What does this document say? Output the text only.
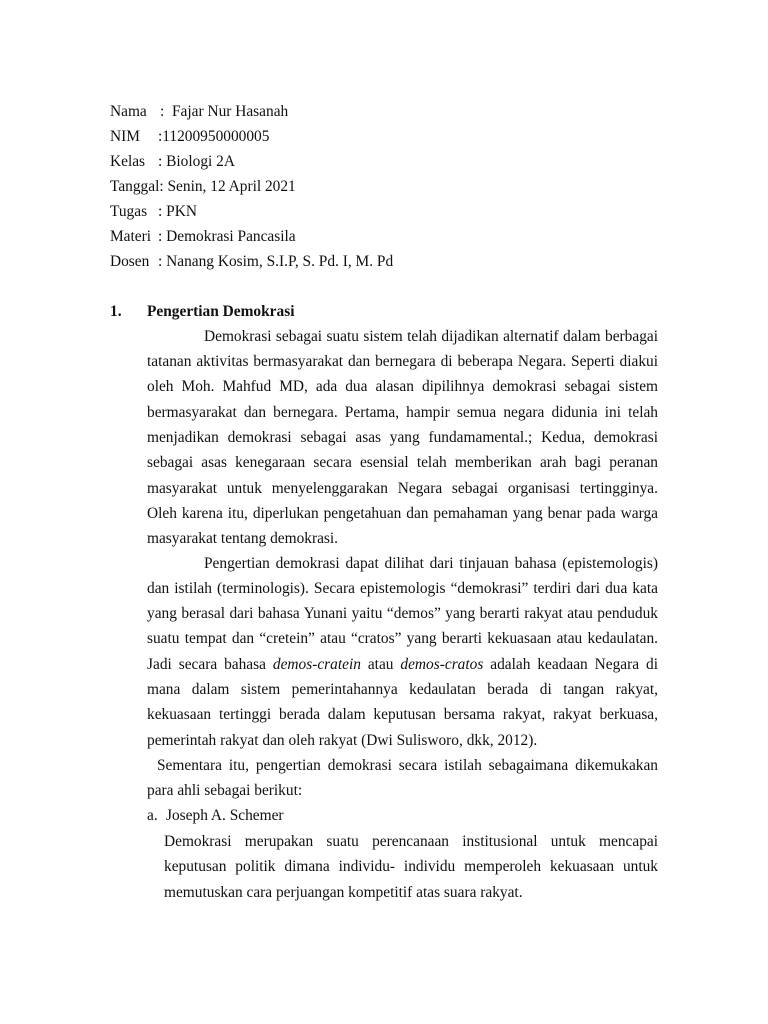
Nama :  Fajar Nur Hasanah
NIM :11200950000005
Kelas : Biologi 2A
Tanggal: Senin, 12 April 2021
Tugas : PKN
Materi : Demokrasi Pancasila
Dosen : Nanang Kosim, S.I.P, S. Pd. I, M. Pd
1. Pengertian Demokrasi
Demokrasi sebagai suatu sistem telah dijadikan alternatif dalam berbagai
tatanan aktivitas bermasyarakat dan bernegara di beberapa Negara. Seperti diakui
oleh Moh. Mahfud MD, ada dua alasan dipilihnya demokrasi sebagai sistem
bermasyarakat dan bernegara. Pertama, hampir semua negara didunia ini telah
menjadikan demokrasi sebagai asas yang fundamamental.; Kedua, demokrasi
sebagai asas kenegaraan secara esensial telah memberikan arah bagi peranan
masyarakat untuk menyelenggarakan Negara sebagai organisasi tertingginya.
Oleh karena itu, diperlukan pengetahuan dan pemahaman yang benar pada warga
masyarakat tentang demokrasi.
Pengertian demokrasi dapat dilihat dari tinjauan bahasa (epistemologis)
dan istilah (terminologis). Secara epistemologis “demokrasi” terdiri dari dua kata
yang berasal dari bahasa Yunani yaitu “demos” yang berarti rakyat atau penduduk
suatu tempat dan “cretein” atau “cratos” yang berarti kekuasaan atau kedaulatan.
Jadi secara bahasa demos-cratein atau demos-cratos adalah keadaan Negara di
mana dalam sistem pemerintahannya kedaulatan berada di tangan rakyat,
kekuasaan tertinggi berada dalam keputusan bersama rakyat, rakyat berkuasa,
pemerintah rakyat dan oleh rakyat (Dwi Sulisworo, dkk, 2012).
Sementara itu, pengertian demokrasi secara istilah sebagaimana dikemukakan
para ahli sebagai berikut:
a. Joseph A. Schemer
Demokrasi merupakan suatu perencanaan institusional untuk mencapai
keputusan politik dimana individu- individu memperoleh kekuasaan untuk
memutuskan cara perjuangan kompetitif atas suara rakyat.
